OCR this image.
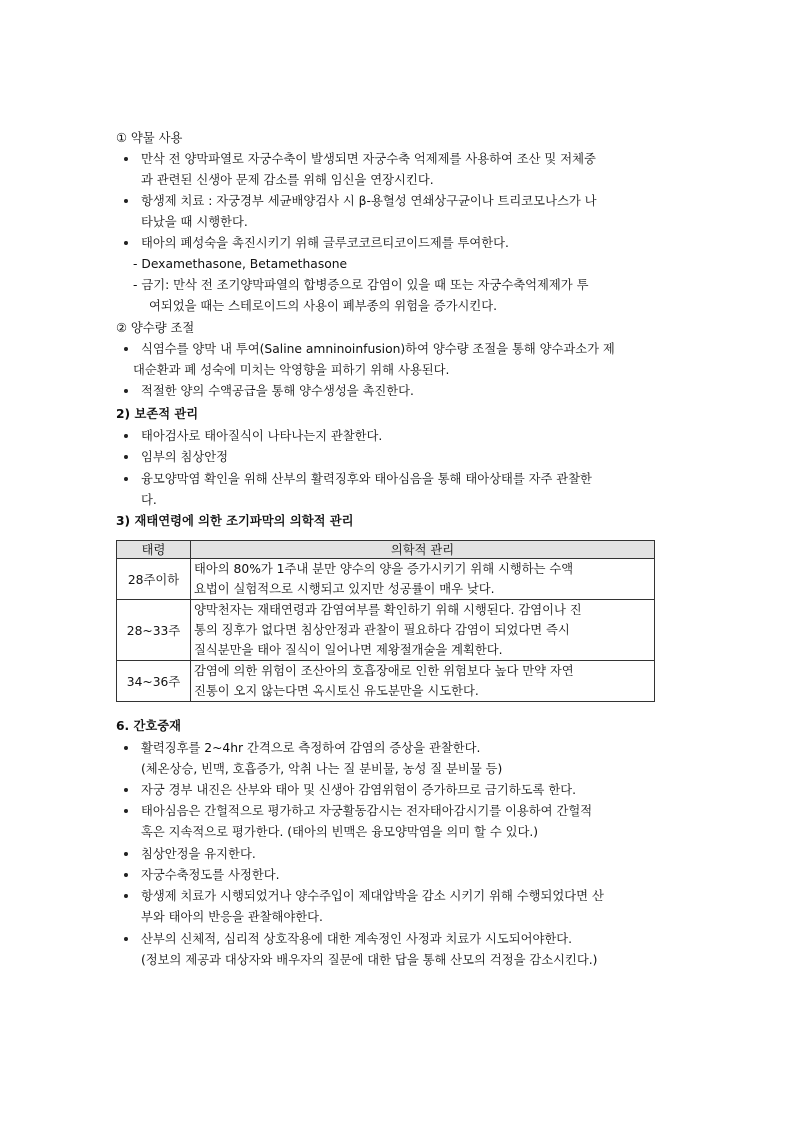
① 약물 사용
만삭 전 양막파열로 자궁수축이 발생되면 자궁수축 억제제를 사용하여 조산 및 저체중
과 관련된 신생아 문제 감소를 위해 임신을 연장시킨다.
항생제 치료 : 자궁경부 세균배양검사 시 β-용혈성 연쇄상구균이나 트리코모나스가 나
타났을 때 시행한다.
태아의 폐성숙을 촉진시키기 위해 글루코코르티코이드제를 투여한다.
- Dexamethasone, Betamethasone
- 금기: 만삭 전 조기양막파열의 합병증으로 감염이 있을 때 또는 자궁수축억제제가 투
여되었을 때는 스테로이드의 사용이 폐부종의 위험을 증가시킨다.
② 양수량 조절
식염수를 양막 내 투여(Saline amninoinfusion)하여 양수량 조절을 통해 양수과소가 제
대순환과 폐 성숙에 미치는 악영향을 피하기 위해 사용된다.
적절한 양의 수액공급을 통해 양수생성을 촉진한다.
2) 보존적 관리
태아검사로 태아질식이 나타나는지 관찰한다.
임부의 침상안정
융모양막염 확인을 위해 산부의 활력징후와 태아심음을 통해 태아상태를 자주 관찰한
다.
3) 재태연령에 의한 조기파막의 의학적 관리
태령	의학적 관리
28주이하	태아의 80%가 1주내 분만 양수의 양을 증가시키기 위해 시행하는 수액
요법이 실험적으로 시행되고 있지만 성공률이 매우 낮다.

28~33주	양막천자는 재태연령과 감염여부를 확인하기 위해 시행된다. 감염이나 진
통의 징후가 없다면 침상안정과 관찰이 필요하다 감염이 되었다면 즉시
질식분만을 태아 질식이 일어나면 제왕절개술을 계획한다.

34~36주	감염에 의한 위험이 조산아의 호흡장애로 인한 위험보다 높다 만약 자연
진통이 오지 않는다면 옥시토신 유도분만을 시도한다.
6. 간호중재
활력징후를 2~4hr 간격으로 측정하여 감염의 증상을 관찰한다.
(체온상승, 빈맥, 호흡증가, 악취 나는 질 분비물, 농성 질 분비물 등)
자궁 경부 내진은 산부와 태아 및 신생아 감염위험이 증가하므로 금기하도록 한다.
태아심음은 간헐적으로 평가하고 자궁활동감시는 전자태아감시기를 이용하여 간헐적
혹은 지속적으로 평가한다. (태아의 빈맥은 융모양막염을 의미 할 수 있다.)
침상안정을 유지한다.
자궁수축정도를 사정한다.
항생제 치료가 시행되었거나 양수주입이 제대압박을 감소 시키기 위해 수행되었다면 산
부와 태아의 반응을 관찰해야한다.
산부의 신체적, 심리적 상호작용에 대한 계속정인 사정과 치료가 시도되어야한다.
(정보의 제공과 대상자와 배우자의 질문에 대한 답을 통해 산모의 걱정을 감소시킨다.)
